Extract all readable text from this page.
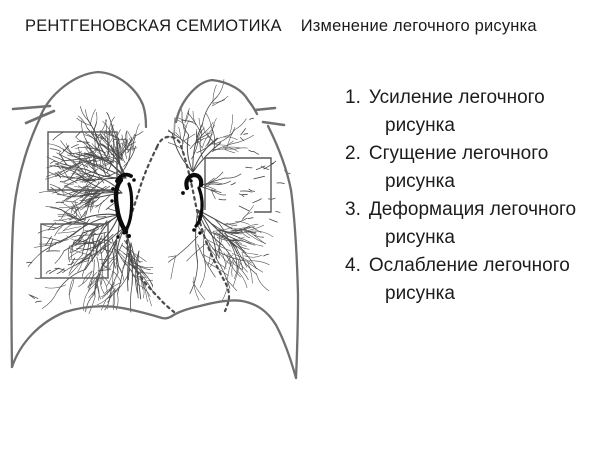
РЕНТГЕНОВСКАЯ СЕМИОТИКА Изменение легочного рисунка
1. Усиление легочного
рисунка
2. Сгущение легочного
рисунка
3. Деформация легочного
рисунка
4. Ослабление легочного
рисунка
